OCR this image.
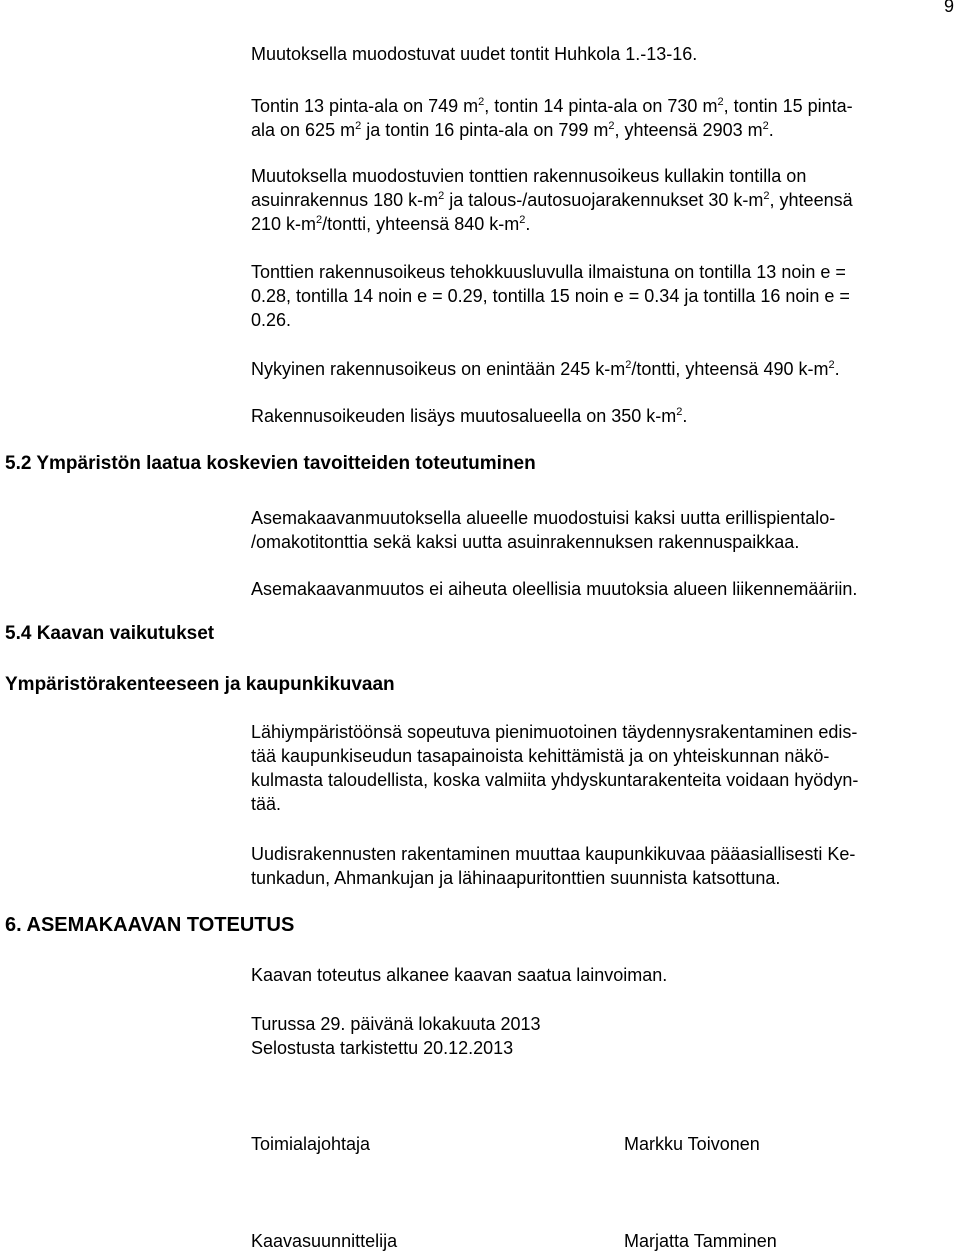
9

Muutoksella muodostuvat uudet tontit Huhkola 1.-13-16.

Tontin 13 pinta-ala on 749 $m^2$, tontin 14 pinta-ala on 730 $m^2$, tontin 15 pinta-
ala on 625 $m^2$ ja tontin 16 pinta-ala on 799 $m^2$, yhteensä 2903 $m^2$.

Muutoksella muodostuvien tonttien rakennusoikeus kullakin tontilla on
asuinrakennus 180 $k-m^2$ ja talous-/autosuojarakennukset 30 $k-m^2$, yhteensä
210 $k-m^2$/tontti, yhteensä 840 $k-m^2$.

Tonttien rakennusoikeus tehokkuusluvulla ilmaistuna on tontilla 13 noin e =
0.28, tontilla 14 noin e = 0.29, tontilla 15 noin e = 0.34 ja tontilla 16 noin e =
0.26.

Nykyinen rakennusoikeus on enintään 245 $k-m^2$/tontti, yhteensä 490 $k-m^2$.

Rakennusoikeuden lisäys muutosalueella on 350 $k-m^2$.

5.2 Ympäristön laatua koskevien tavoitteiden toteutuminen

Asemakaavanmuutoksella alueelle muodostuisi kaksi uutta erillispientalo-
/omakotitonttia sekä kaksi uutta asuinrakennuksen rakennuspaikkaa.

Asemakaavanmuutos ei aiheuta oleellisia muutoksia alueen liikennemääriin.

5.4 Kaavan vaikutukset
Ympäristörakenteeseen ja kaupunkikuvaan

Lähiympäristöönsä sopeutuva pienimuotoinen täydennysrakentaminen edis-
tää kaupunkiseudun tasapainoista kehittämistä ja on yhteiskunnan näkö-
kulmasta taloudellista, koska valmiita yhdyskuntarakenteita voidaan hyödyn-
tää.

Uudisrakennusten rakentaminen muuttaa kaupunkikuvaa pääasiallisesti Ke-
tunkadun, Ahmankujan ja lähinaapuritonttien suunnista katsottuna.

6. ASEMAKAAVAN TOTEUTUS

Kaavan toteutus alkanee kaavan saatua lainvoiman.

Turussa 29. päivänä lokakuuta 2013
Selostusta tarkistettu 20.12.2013

Toimialajohtaja	Markku Toivonen
Kaavasuunnittelija	Marjatta Tamminen
